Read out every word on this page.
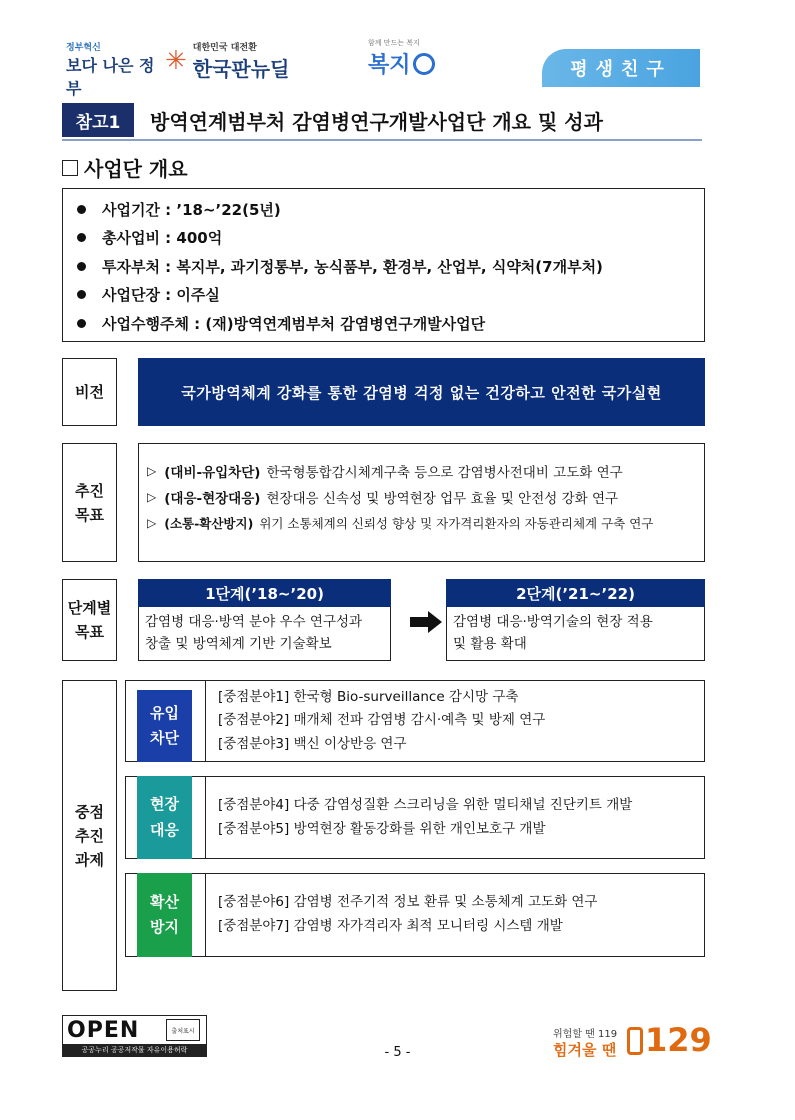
정부혁신
보다 나은 정부
✳ 대한민국 대전환
한국판뉴딜
함께 만드는 복지
복지	평생친구
참고1	방역연계범부처 감염병연구개발사업단 개요 및 성과
사업단 개요
사업기간 : ’18~’22(5년)
총사업비 : 400억
투자부처 : 복지부, 과기정통부, 농식품부, 환경부, 산업부, 식약처(7개부처)
사업단장 : 이주실
사업수행주체 : (재)방역연계범부처 감염병연구개발사업단
비전	국가방역체계 강화를 통한 감염병 걱정 없는 건강하고 안전한 국가실현
추진
목표
▷ (대비-유입차단) 한국형통합감시체계구축 등으로 감염병사전대비 고도화 연구
▷ (대응-현장대응) 현장대응 신속성 및 방역현장 업무 효율 및 안전성 강화 연구
▷ (소통-확산방지) 위기 소통체계의 신뢰성 향상 및 자가격리환자의 자동관리체계 구축 연구
단계별
목표
1단계(’18~’20)
감염병 대응·방역 분야 우수 연구성과
창출 및 방역체계 기반 기술확보
2단계(’21~’22)
감염병 대응·방역기술의 현장 적용
및 활용 확대
중점
추진
과제
유입
차단
[중점분야1] 한국형 Bio-surveillance 감시망 구축
[중점분야2] 매개체 전파 감염병 감시·예측 및 방제 연구
[중점분야3] 백신 이상반응 연구
현장
대응
[중점분야4] 다중 감염성질환 스크리닝을 위한 멀티채널 진단키트 개발
[중점분야5] 방역현장 활동강화를 위한 개인보호구 개발
확산
방지
[중점분야6] 감염병 전주기적 정보 환류 및 소통체계 고도화 연구
[중점분야7] 감염병 자가격리자 최적 모니터링 시스템 개발
OPEN	출처표시
공공누리 공공저작물 자유이용허락	- 5 -
위험할 땐 119
힘겨울 땐 129
